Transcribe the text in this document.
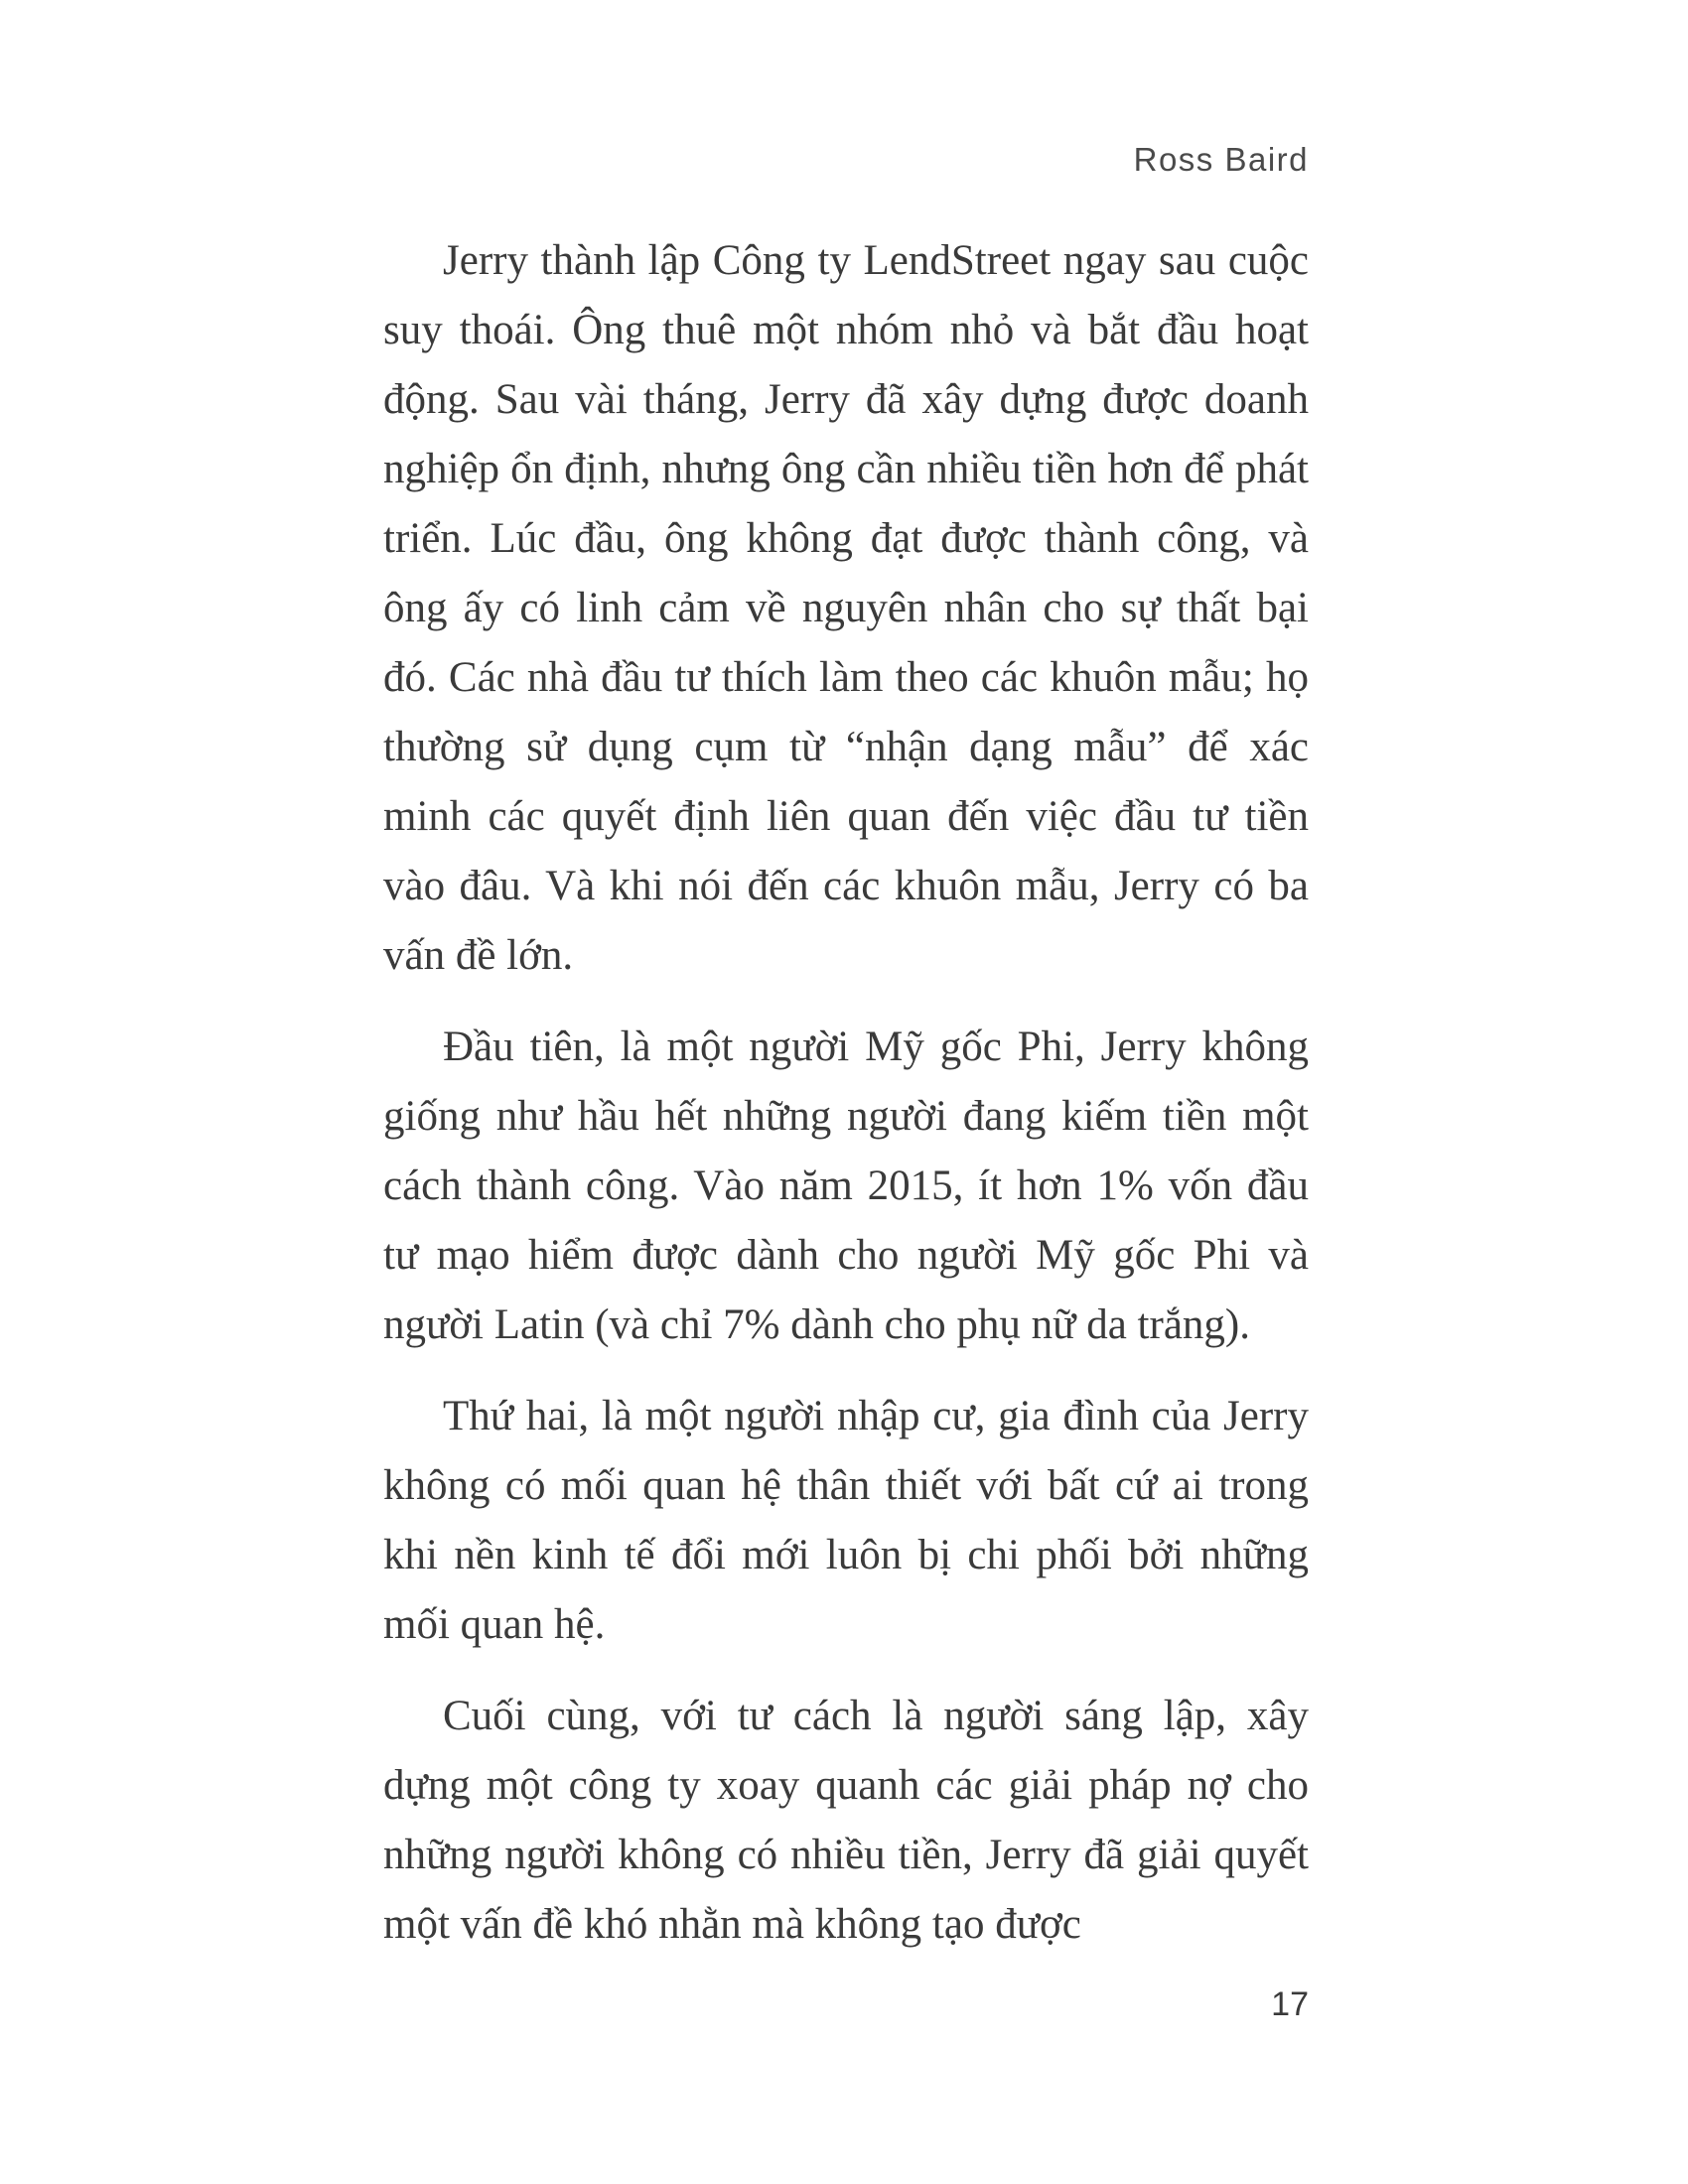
Ross Baird

Jerry thành lập Công ty LendStreet ngay sau cuộc suy thoái. Ông thuê một nhóm nhỏ và bắt đầu hoạt động. Sau vài tháng, Jerry đã xây dựng được doanh nghiệp ổn định, nhưng ông cần nhiều tiền hơn để phát triển. Lúc đầu, ông không đạt được thành công, và ông ấy có linh cảm về nguyên nhân cho sự thất bại đó. Các nhà đầu tư thích làm theo các khuôn mẫu; họ thường sử dụng cụm từ “nhận dạng mẫu” để xác minh các quyết định liên quan đến việc đầu tư tiền vào đâu. Và khi nói đến các khuôn mẫu, Jerry có ba vấn đề lớn.

Đầu tiên, là một người Mỹ gốc Phi, Jerry không giống như hầu hết những người đang kiếm tiền một cách thành công. Vào năm 2015, ít hơn 1% vốn đầu tư mạo hiểm được dành cho người Mỹ gốc Phi và người Latin (và chỉ 7% dành cho phụ nữ da trắng).

Thứ hai, là một người nhập cư, gia đình của Jerry không có mối quan hệ thân thiết với bất cứ ai trong khi nền kinh tế đổi mới luôn bị chi phối bởi những mối quan hệ.

Cuối cùng, với tư cách là người sáng lập, xây dựng một công ty xoay quanh các giải pháp nợ cho những người không có nhiều tiền, Jerry đã giải quyết một vấn đề khó nhằn mà không tạo được

17
